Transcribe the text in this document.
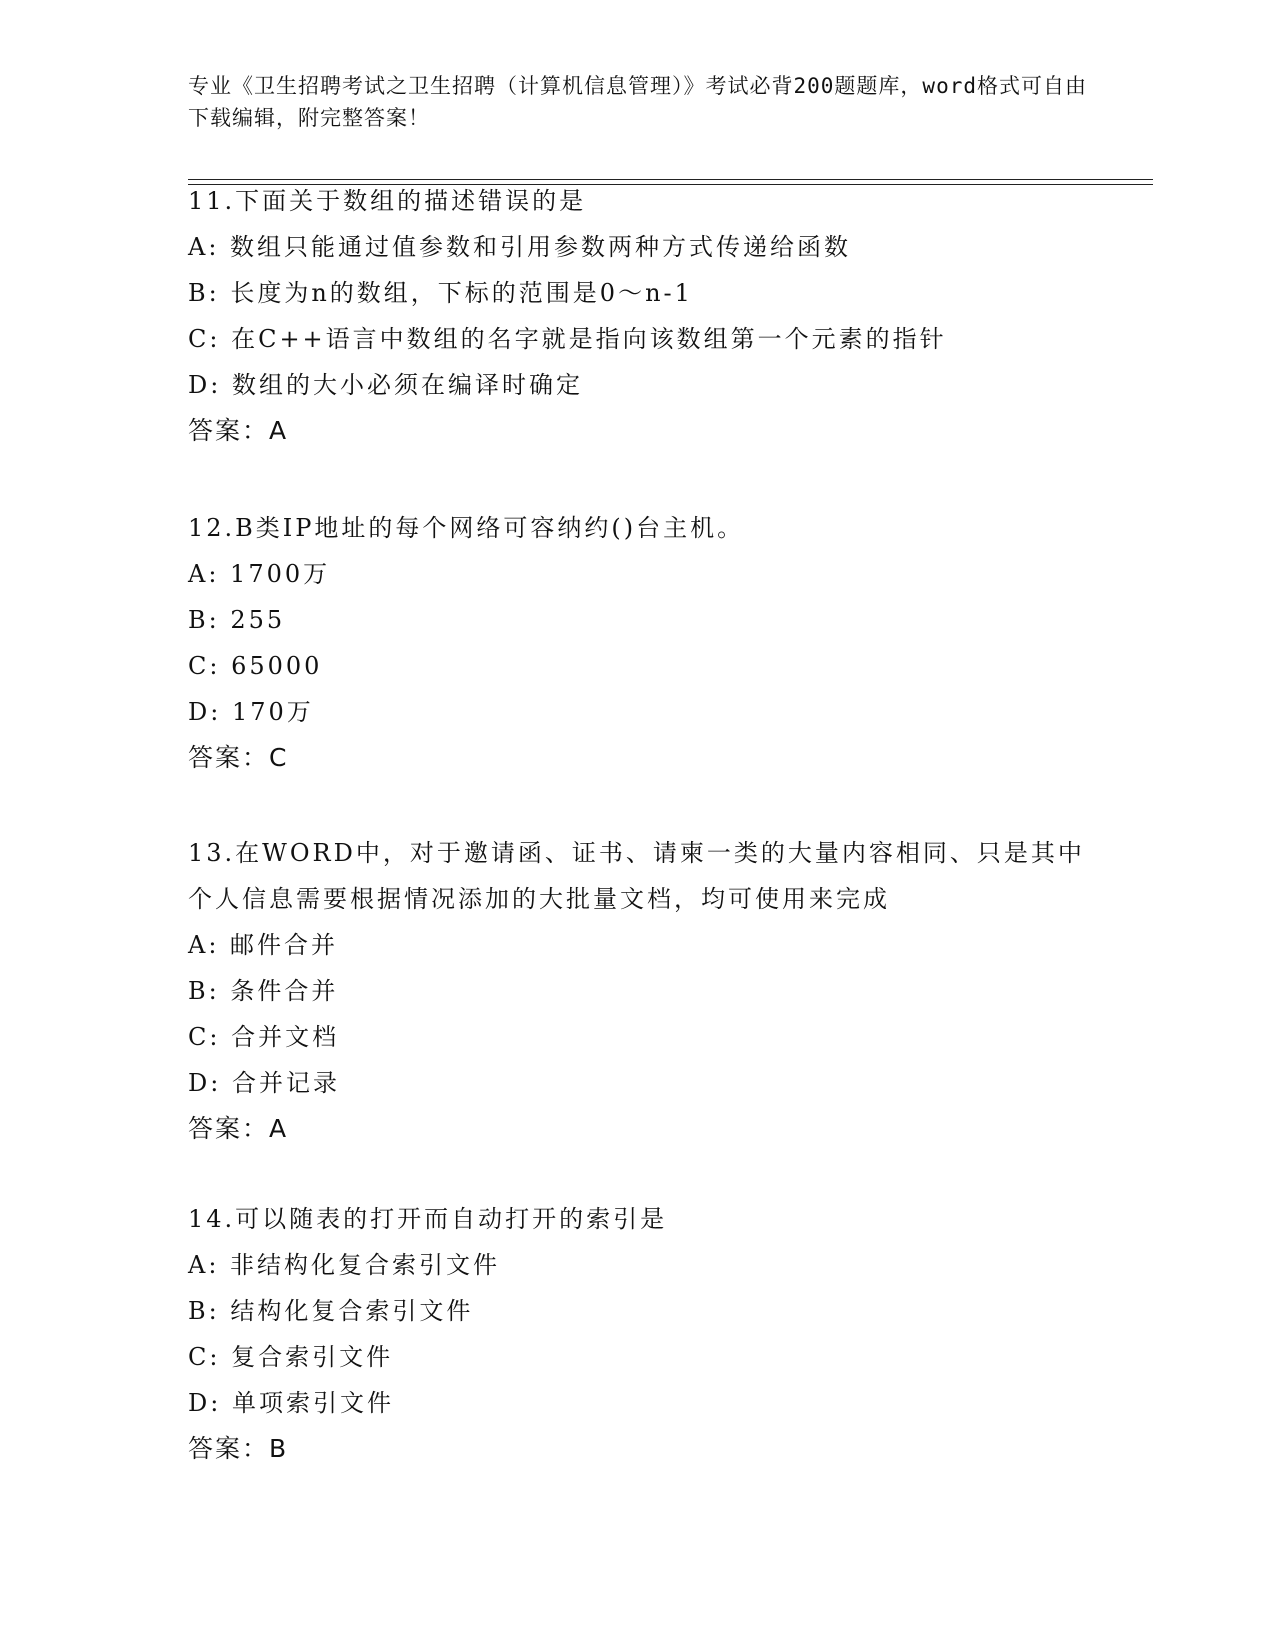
专业《卫生招聘考试之卫生招聘（计算机信息管理）》考试必背200题题库，word格式可自由下载编辑，附完整答案！
11.下面关于数组的描述错误的是
A: 数组只能通过值参数和引用参数两种方式传递给函数
B: 长度为n的数组，下标的范围是0～n-1
C: 在C++语言中数组的名字就是指向该数组第一个元素的指针
D: 数组的大小必须在编译时确定
答案：A
12.B类IP地址的每个网络可容纳约()台主机。
A: 1700万
B: 255
C: 65000
D: 170万
答案：C
13.在WORD中，对于邀请函、证书、请柬一类的大量内容相同、只是其中个人信息需要根据情况添加的大批量文档，均可使用来完成
A: 邮件合并
B: 条件合并
C: 合并文档
D: 合并记录
答案：A
14.可以随表的打开而自动打开的索引是
A: 非结构化复合索引文件
B: 结构化复合索引文件
C: 复合索引文件
D: 单项索引文件
答案：B
